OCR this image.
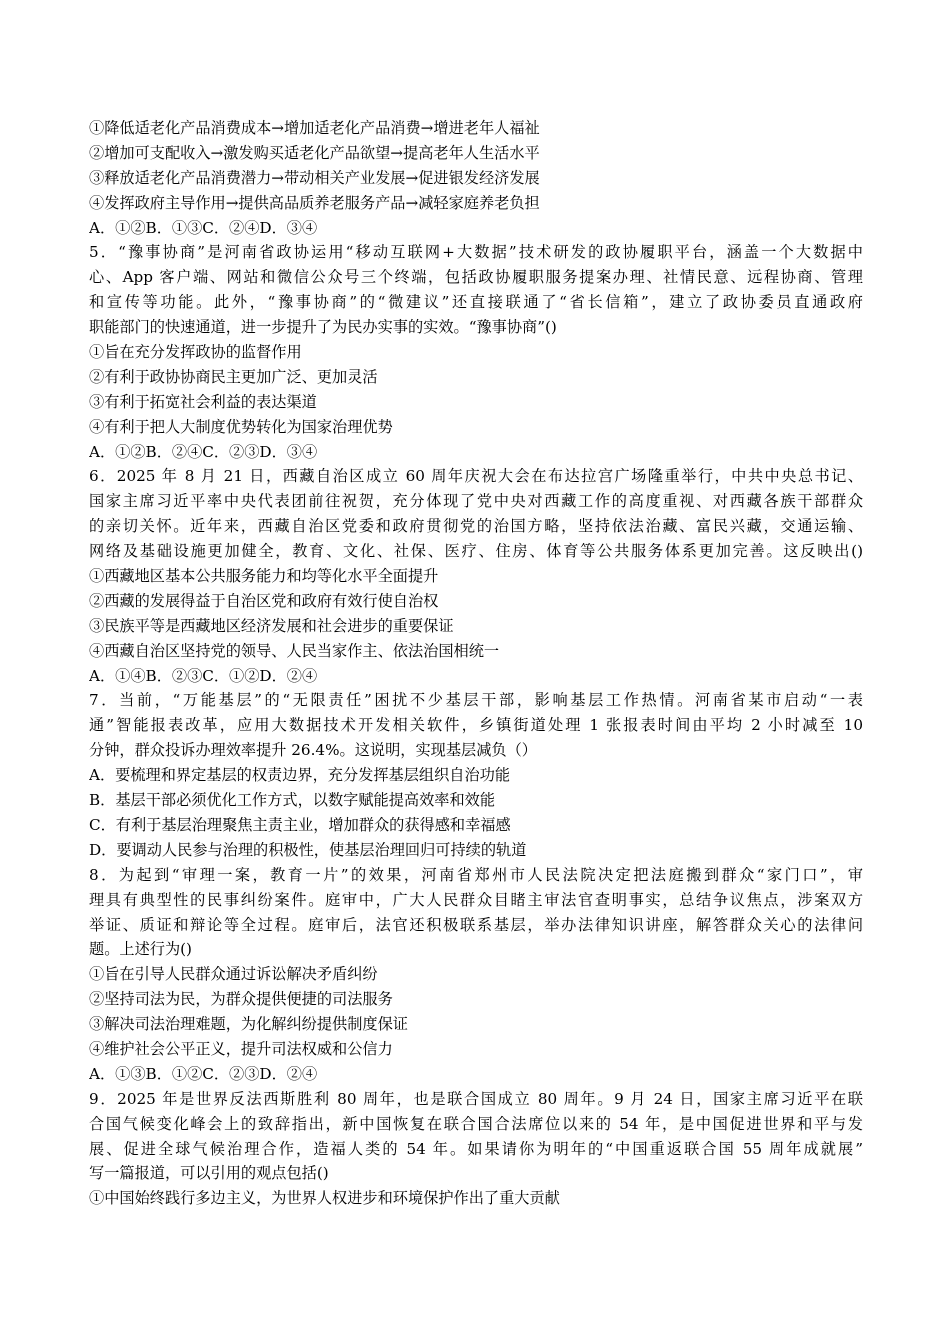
①降低适老化产品消费成本→增加适老化产品消费→增进老年人福祉
②增加可支配收入→激发购买适老化产品欲望→提高老年人生活水平
③释放适老化产品消费潜力→带动相关产业发展→促进银发经济发展
④发挥政府主导作用→提供高品质养老服务产品→减轻家庭养老负担
A．①②B．①③C．②④D．③④
5．“豫事协商”是河南省政协运用“移动互联网+大数据”技术研发的政协履职平台，涵盖一个大数据中
心、App 客户端、网站和微信公众号三个终端，包括政协履职服务提案办理、社情民意、远程协商、管理
和宣传等功能。此外，“豫事协商”的“微建议”还直接联通了“省长信箱”，建立了政协委员直通政府
职能部门的快速通道，进一步提升了为民办实事的实效。“豫事协商”()
①旨在充分发挥政协的监督作用
②有利于政协协商民主更加广泛、更加灵活
③有利于拓宽社会利益的表达渠道
④有利于把人大制度优势转化为国家治理优势
A．①②B．②④C．②③D．③④
6．2025 年 8 月 21 日，西藏自治区成立 60 周年庆祝大会在布达拉宫广场隆重举行，中共中央总书记、
国家主席习近平率中央代表团前往祝贺，充分体现了党中央对西藏工作的高度重视、对西藏各族干部群众
的亲切关怀。近年来，西藏自治区党委和政府贯彻党的治国方略，坚持依法治藏、富民兴藏，交通运输、
网络及基础设施更加健全，教育、文化、社保、医疗、住房、体育等公共服务体系更加完善。这反映出()
①西藏地区基本公共服务能力和均等化水平全面提升
②西藏的发展得益于自治区党和政府有效行使自治权
③民族平等是西藏地区经济发展和社会进步的重要保证
④西藏自治区坚持党的领导、人民当家作主、依法治国相统一
A．①④B．②③C．①②D．②④
7．当前，“万能基层”的“无限责任”困扰不少基层干部，影响基层工作热情。河南省某市启动“一表
通”智能报表改革，应用大数据技术开发相关软件，乡镇街道处理 1 张报表时间由平均 2 小时减至 10
分钟，群众投诉办理效率提升 26.4%。这说明，实现基层减负（）
A．要梳理和界定基层的权责边界，充分发挥基层组织自治功能
B．基层干部必须优化工作方式，以数字赋能提高效率和效能
C．有利于基层治理聚焦主责主业，增加群众的获得感和幸福感
D．要调动人民参与治理的积极性，使基层治理回归可持续的轨道
8．为起到“审理一案，教育一片”的效果，河南省郑州市人民法院决定把法庭搬到群众“家门口”，审
理具有典型性的民事纠纷案件。庭审中，广大人民群众目睹主审法官查明事实，总结争议焦点，涉案双方
举证、质证和辩论等全过程。庭审后，法官还积极联系基层，举办法律知识讲座，解答群众关心的法律问
题。上述行为()
①旨在引导人民群众通过诉讼解决矛盾纠纷
②坚持司法为民，为群众提供便捷的司法服务
③解决司法治理难题，为化解纠纷提供制度保证
④维护社会公平正义，提升司法权威和公信力
A．①③B．①②C．②③D．②④
9．2025 年是世界反法西斯胜利 80 周年，也是联合国成立 80 周年。9 月 24 日，国家主席习近平在联
合国气候变化峰会上的致辞指出，新中国恢复在联合国合法席位以来的 54 年，是中国促进世界和平与发
展、促进全球气候治理合作，造福人类的 54 年。如果请你为明年的“中国重返联合国 55 周年成就展”
写一篇报道，可以引用的观点包括()
①中国始终践行多边主义，为世界人权进步和环境保护作出了重大贡献
